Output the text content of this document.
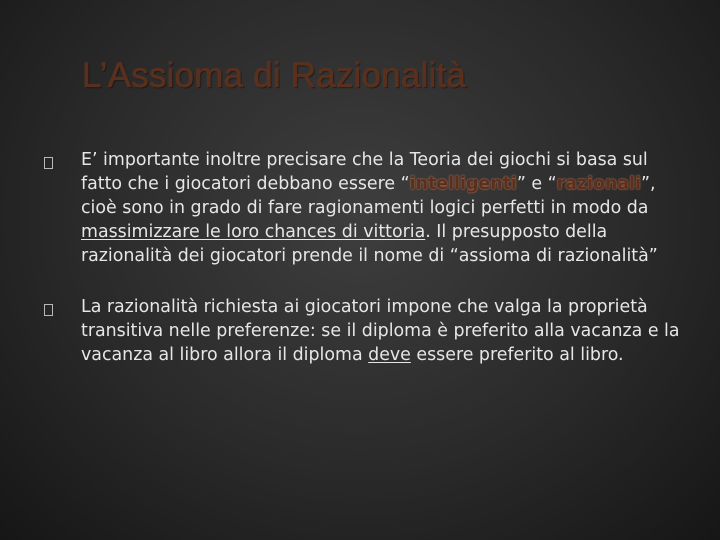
L’Assioma di Razionalità
E’ importante inoltre precisare che la Teoria dei giochi si basa sul fatto che i giocatori debbano essere “intelligenti” e “razionali”, cioè sono in grado di fare ragionamenti logici perfetti in modo da massimizzare le loro chances di vittoria. Il presupposto della razionalità dei giocatori prende il nome di “assioma di razionalità”
La razionalità richiesta ai giocatori impone che valga la proprietà transitiva nelle preferenze: se il diploma è preferito alla vacanza e la vacanza al libro allora il diploma deve essere preferito al libro.
